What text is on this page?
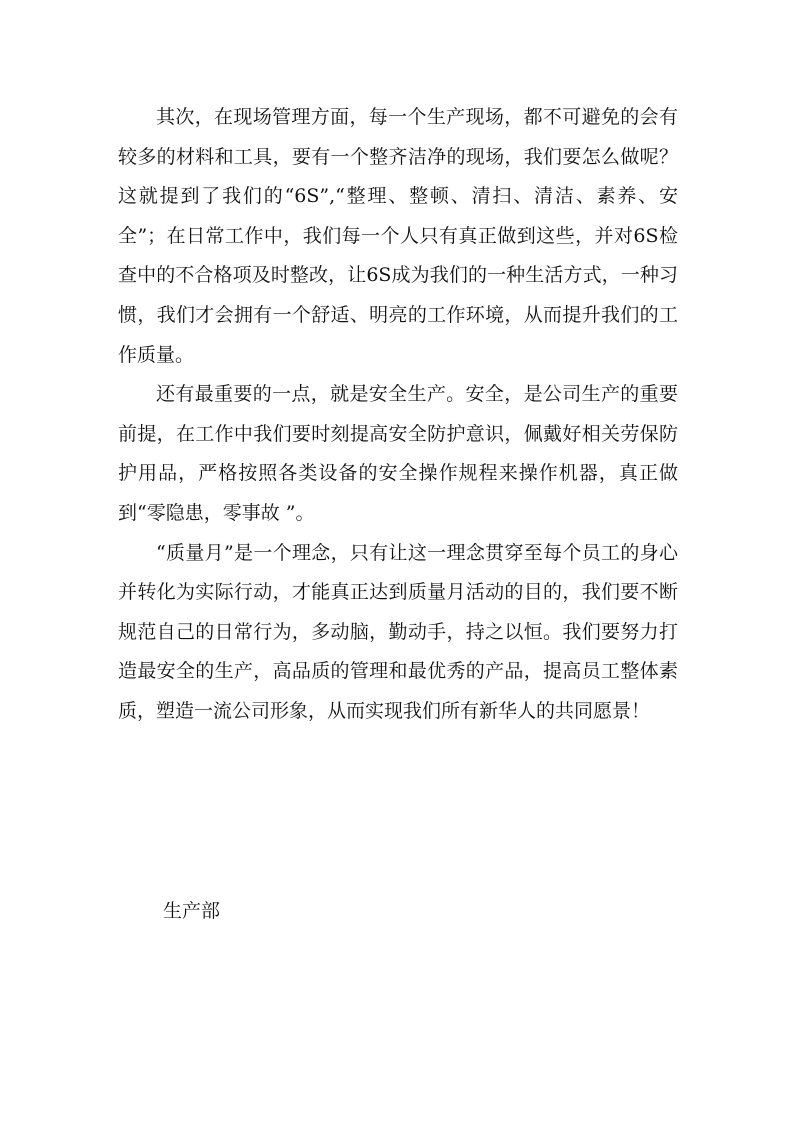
其次，在现场管理方面，每一个生产现场，都不可避免的会有较多的材料和工具，要有一个整齐洁净的现场，我们要怎么做呢？这就提到了我们的“6S”,“整理、整顿、清扫、清洁、素养、安全”；在日常工作中，我们每一个人只有真正做到这些，并对6S检查中的不合格项及时整改，让6S成为我们的一种生活方式，一种习惯，我们才会拥有一个舒适、明亮的工作环境，从而提升我们的工作质量。

还有最重要的一点，就是安全生产。安全，是公司生产的重要前提，在工作中我们要时刻提高安全防护意识，佩戴好相关劳保防护用品，严格按照各类设备的安全操作规程来操作机器，真正做到“零隐患，零事故 ”。

“质量月”是一个理念，只有让这一理念贯穿至每个员工的身心并转化为实际行动，才能真正达到质量月活动的目的，我们要不断规范自己的日常行为，多动脑，勤动手，持之以恒。我们要努力打造最安全的生产，高品质的管理和最优秀的产品，提高员工整体素质，塑造一流公司形象，从而实现我们所有新华人的共同愿景！

生产部
